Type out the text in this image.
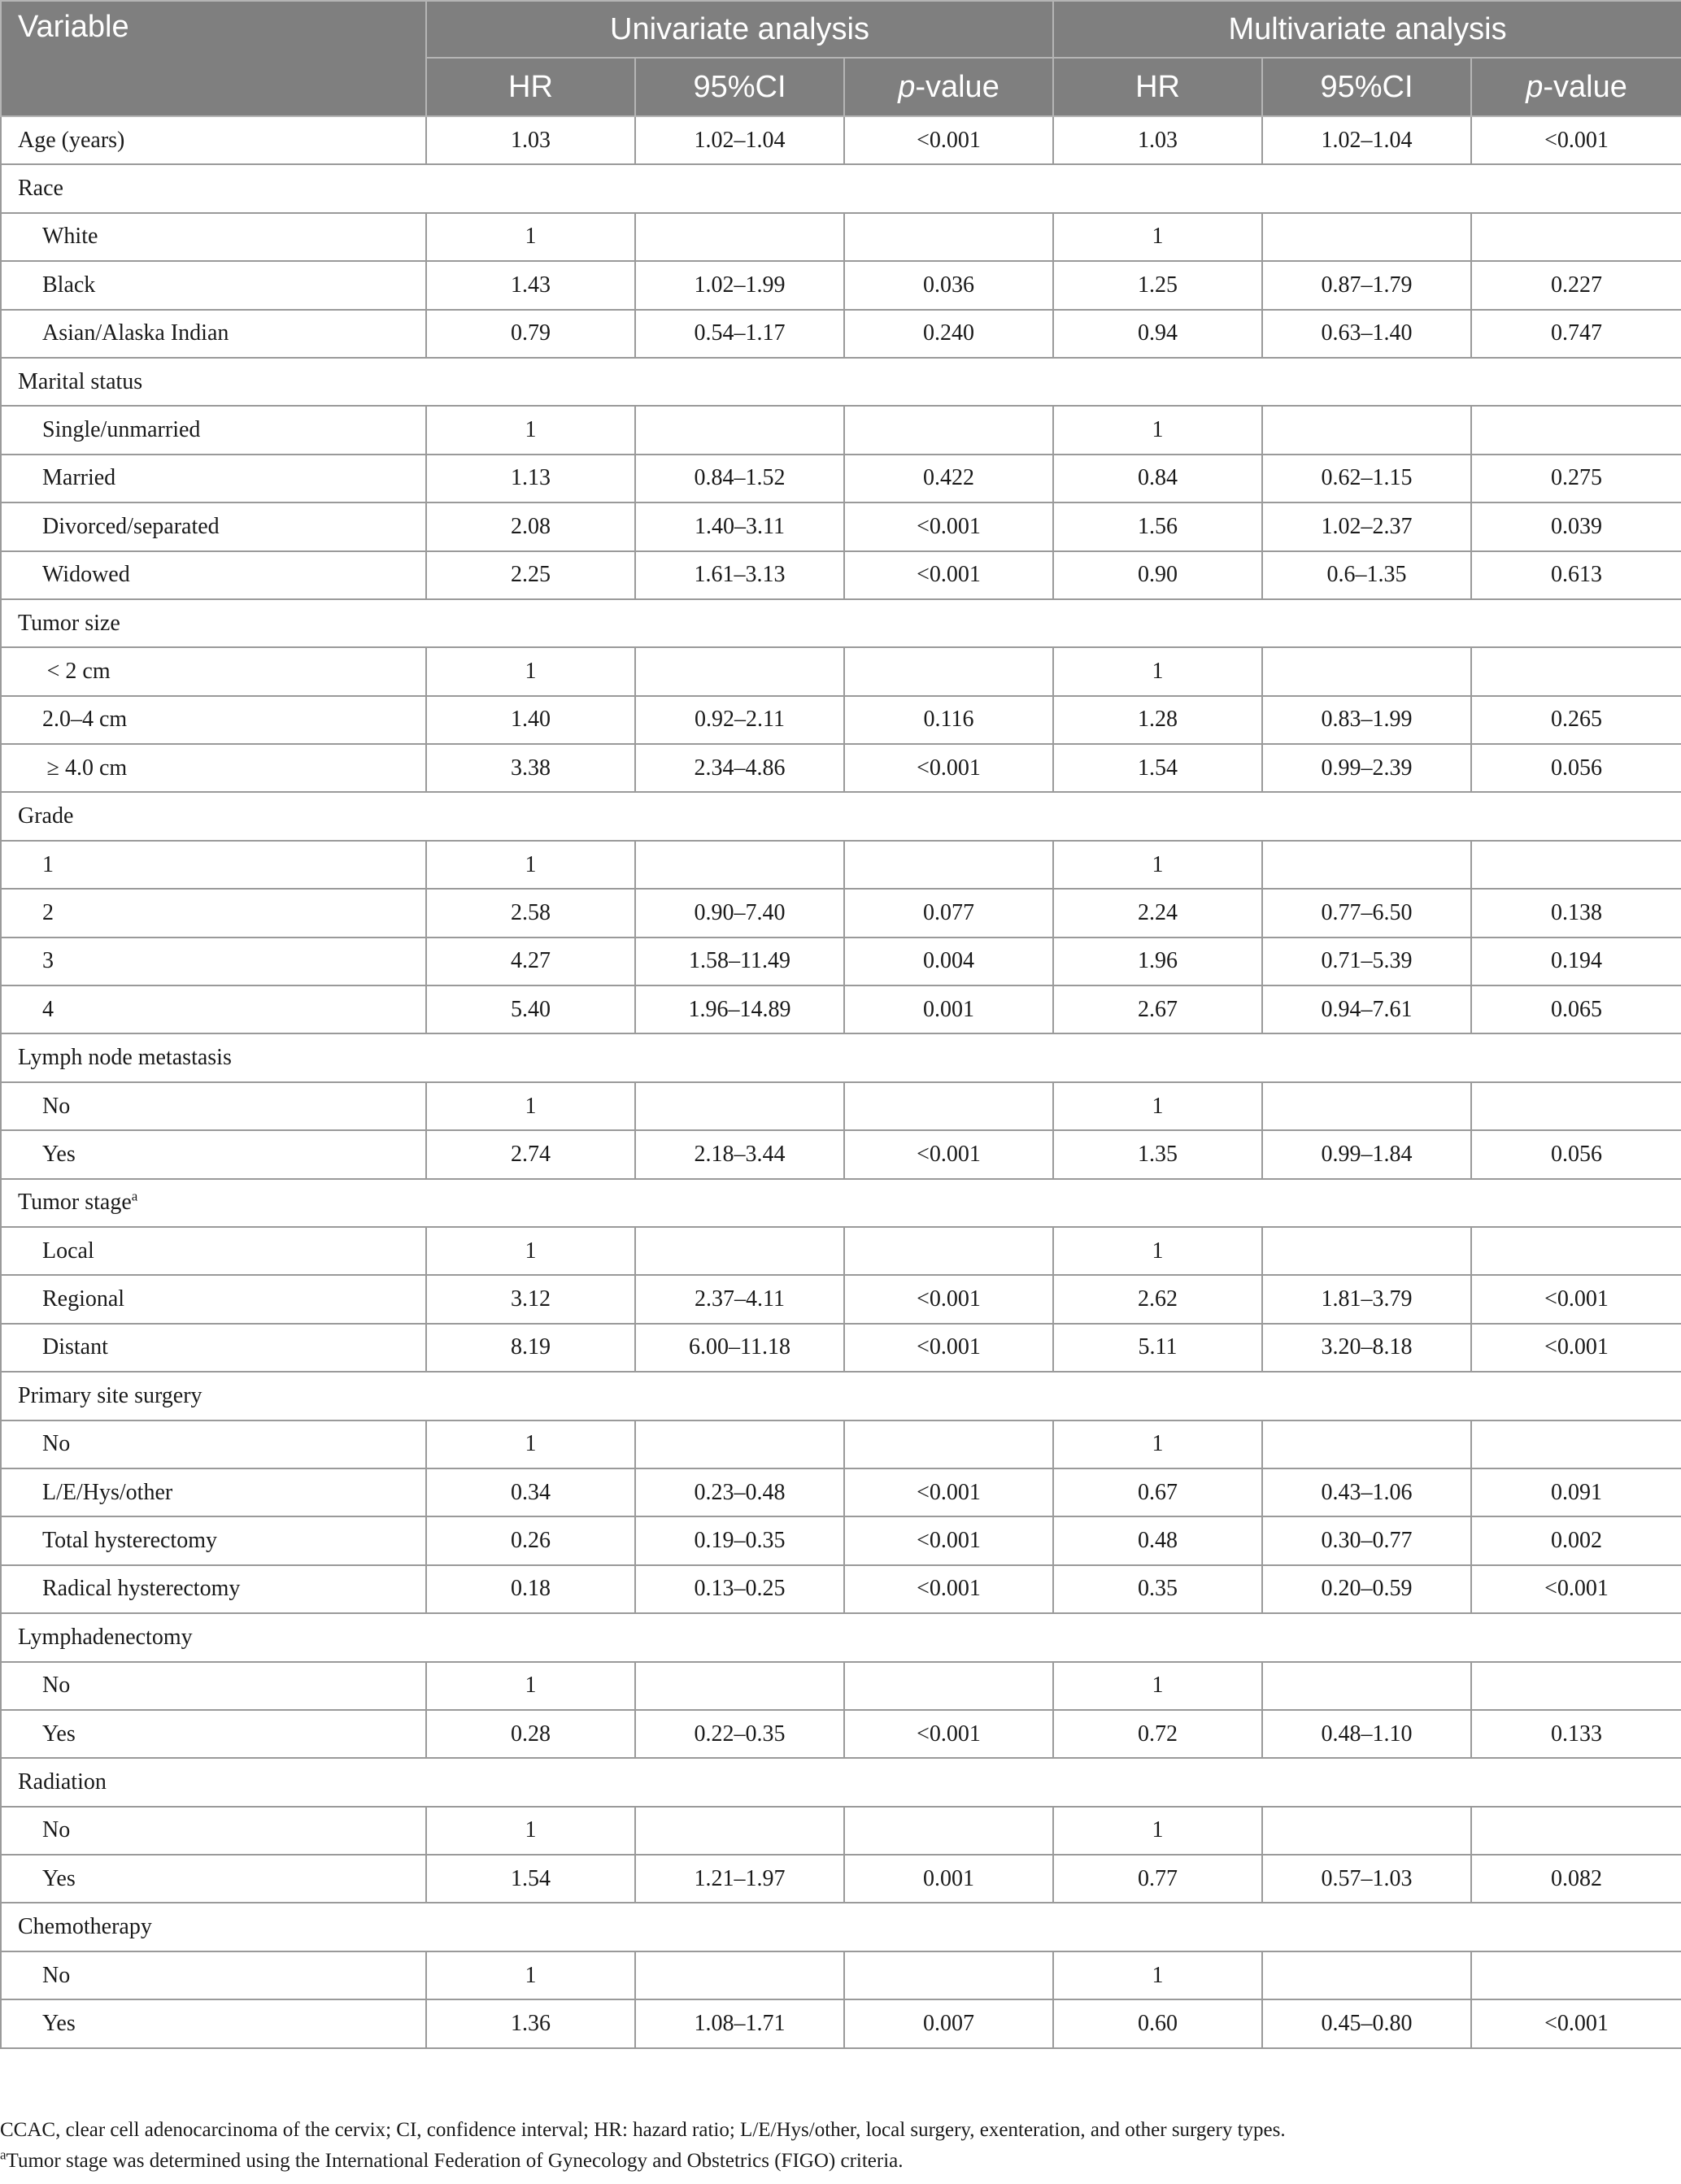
Variable	Univariate analysis			Multivariate analysis		
	HR	95%CI	p-value	HR	95%CI	p-value
Age (years)	1.03	1.02–1.04	<0.001	1.03	1.02–1.04	<0.001
Race						
White	1			1		
Black	1.43	1.02–1.99	0.036	1.25	0.87–1.79	0.227
Asian/Alaska Indian	0.79	0.54–1.17	0.240	0.94	0.63–1.40	0.747
Marital status						
Single/unmarried	1			1		
Married	1.13	0.84–1.52	0.422	0.84	0.62–1.15	0.275
Divorced/separated	2.08	1.40–3.11	<0.001	1.56	1.02–2.37	0.039
Widowed	2.25	1.61–3.13	<0.001	0.90	0.6–1.35	0.613
Tumor size						
 < 2 cm	1			1		
2.0–4 cm	1.40	0.92–2.11	0.116	1.28	0.83–1.99	0.265
 ≥ 4.0 cm	3.38	2.34–4.86	<0.001	1.54	0.99–2.39	0.056
Grade						
1	1			1		
2	2.58	0.90–7.40	0.077	2.24	0.77–6.50	0.138
3	4.27	1.58–11.49	0.004	1.96	0.71–5.39	0.194
4	5.40	1.96–14.89	0.001	2.67	0.94–7.61	0.065
Lymph node metastasis						
No	1			1		
Yes	2.74	2.18–3.44	<0.001	1.35	0.99–1.84	0.056
Tumor stage$^a$	
Local	1			1		
Regional	3.12	2.37–4.11	<0.001	2.62	1.81–3.79	<0.001
Distant	8.19	6.00–11.18	<0.001	5.11	3.20–8.18	<0.001
Primary site surgery						
No	1			1		
L/E/Hys/other	0.34	0.23–0.48	<0.001	0.67	0.43–1.06	0.091
Total hysterectomy	0.26	0.19–0.35	<0.001	0.48	0.30–0.77	0.002
Radical hysterectomy	0.18	0.13–0.25	<0.001	0.35	0.20–0.59	<0.001
Lymphadenectomy						
No	1			1		
Yes	0.28	0.22–0.35	<0.001	0.72	0.48–1.10	0.133
Radiation						
No	1			1		
Yes	1.54	1.21–1.97	0.001	0.77	0.57–1.03	0.082
Chemotherapy						
No	1			1		
Yes	1.36	1.08–1.71	0.007	0.60	0.45–0.80	<0.001

CCAC, clear cell adenocarcinoma of the cervix; CI, confidence interval; HR: hazard ratio; L/E/Hys/other, local surgery, exenteration, and other surgery types.

$^a$Tumor stage was determined using the International Federation of Gynecology and Obstetrics (FIGO) criteria.
